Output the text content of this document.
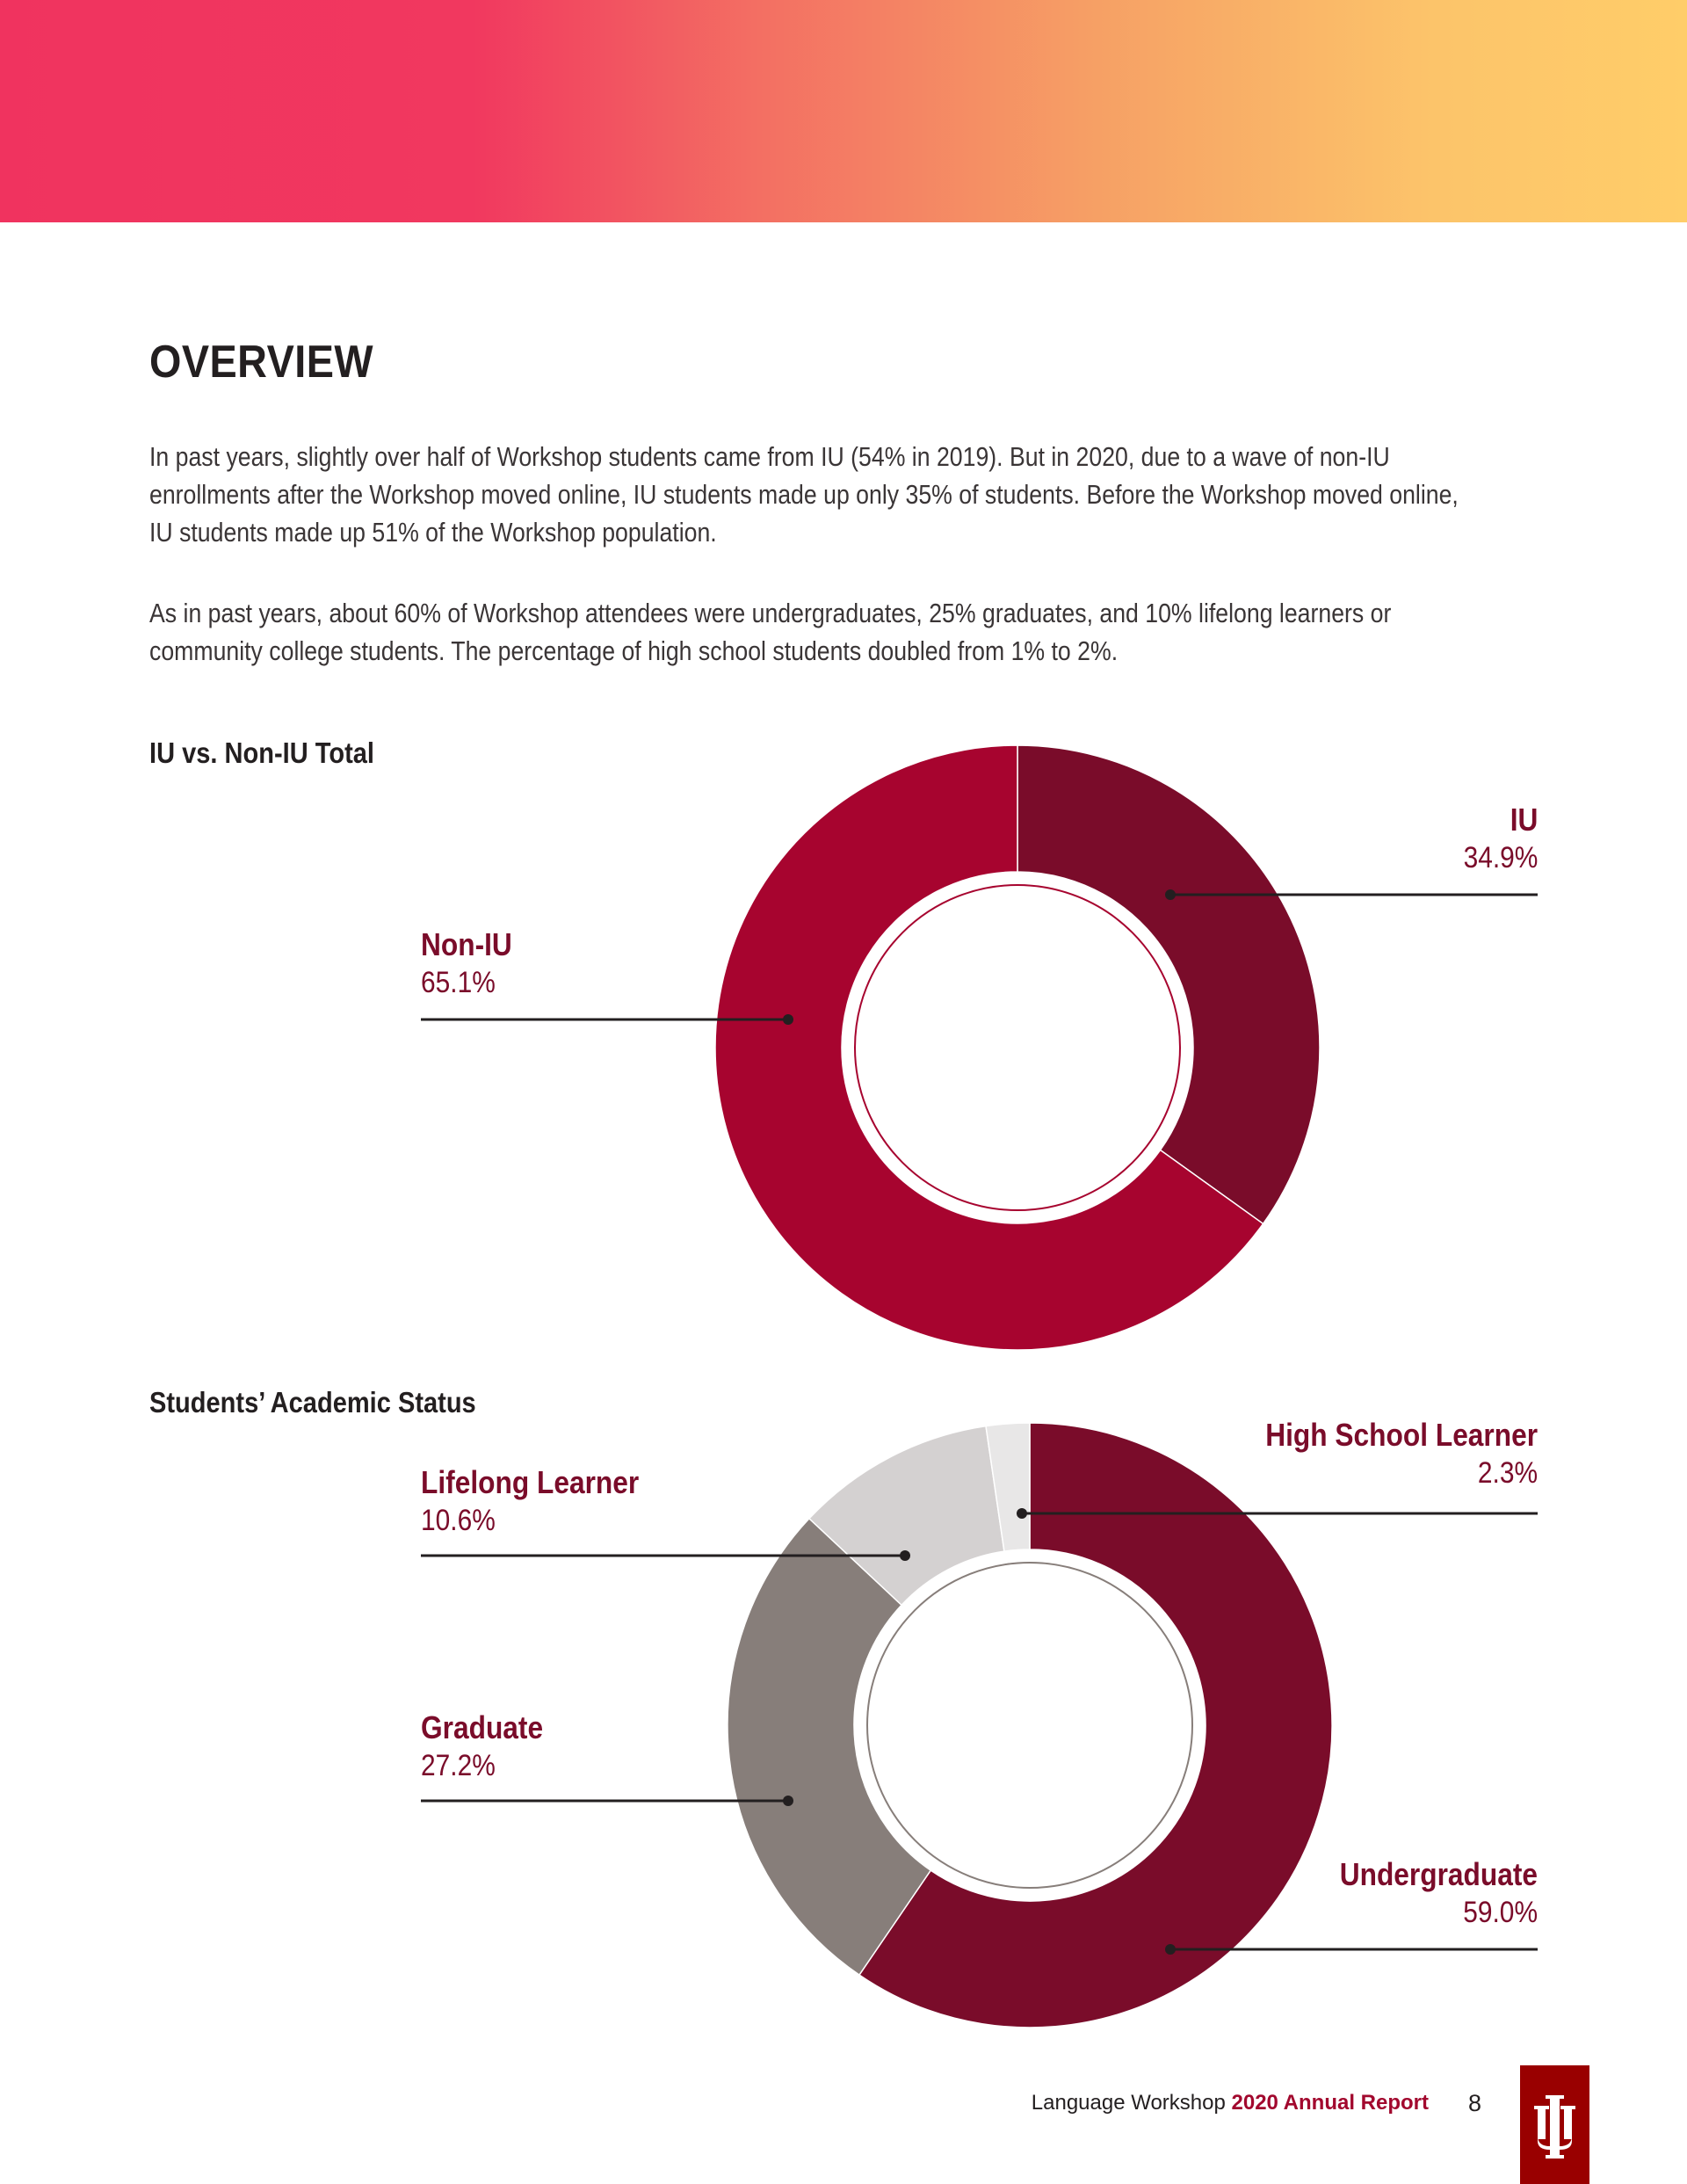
OVERVIEW

In past years, slightly over half of Workshop students came from IU (54% in 2019). But in 2020, due to a wave of non-IU enrollments after the Workshop moved online, IU students made up only 35% of students. Before the Workshop moved online, IU students made up 51% of the Workshop population.

As in past years, about 60% of Workshop attendees were undergraduates, 25% graduates, and 10% lifelong learners or community college students. The percentage of high school students doubled from 1% to 2%.

IU vs. Non-IU Total
Students’ Academic Status
IU
34.9%
Non-IU
65.1%
High School Learner
2.3%
Lifelong Learner
10.6%
Graduate
27.2%
Undergraduate
59.0%
Language Workshop 2020 Annual Report 8
